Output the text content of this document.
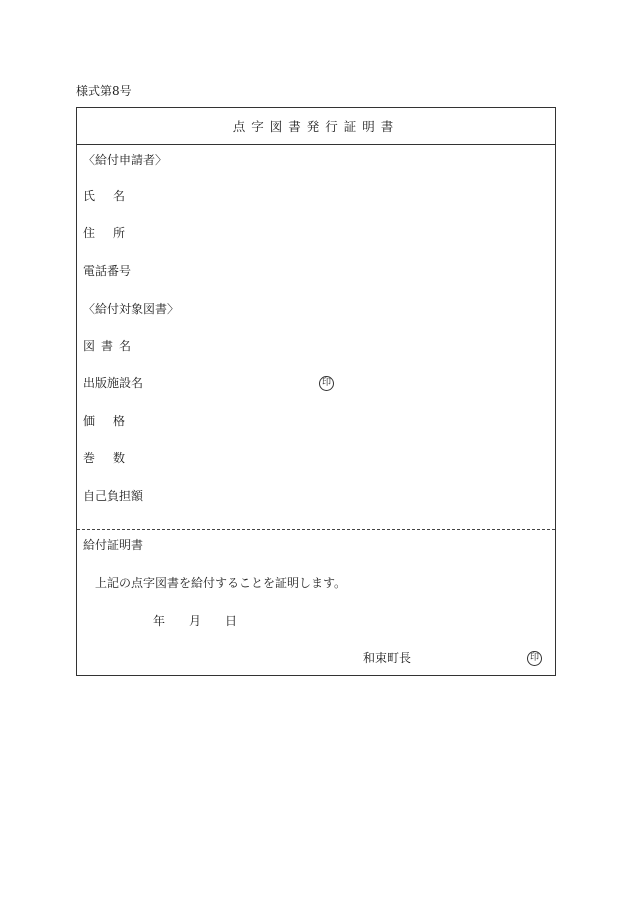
様式第8号
点字図書発行証明書
〈給付申請者〉
氏名
住所
電話番号
〈給付対象図書〉
図書名
出版施設名	印
価格
巻数
自己負担額
給付証明書
上記の点字図書を給付することを証明します。
年 月 日
和束町長	印
